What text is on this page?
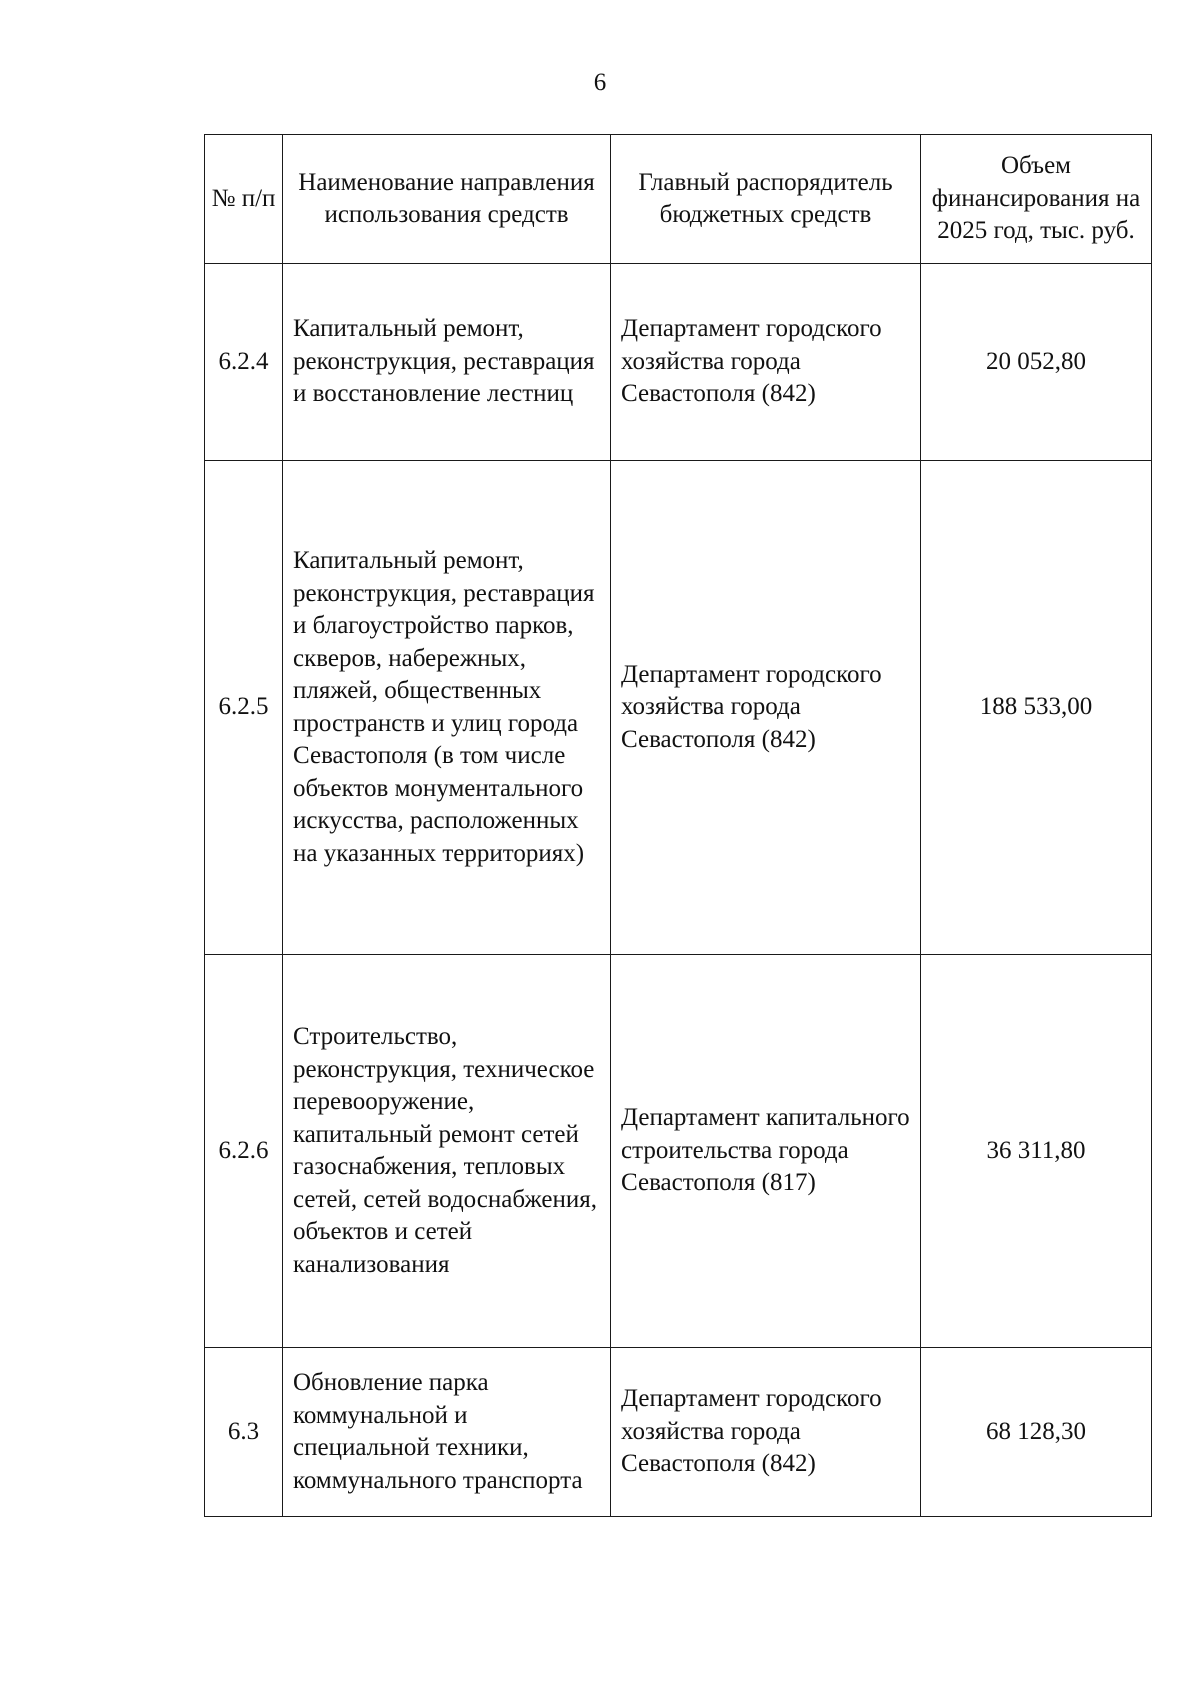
6
№ п/п	Наименование направления использования средств	Главный распорядитель бюджетных средств	Объем финансирования на 2025 год, тыс. руб.
6.2.4	Капитальный ремонт, реконструкция, реставрация и восстановление лестниц	Департамент городского хозяйства города Севастополя (842)	20 052,80
6.2.5	Капитальный ремонт, реконструкция, реставрация и благоустройство парков, скверов, набережных, пляжей, общественных пространств и улиц города Севастополя (в том числе объектов монументального искусства, расположенных на указанных территориях)	Департамент городского хозяйства города Севастополя (842)	188 533,00
6.2.6	Строительство, реконструкция, техническое перевооружение, капитальный ремонт сетей газоснабжения, тепловых сетей, сетей водоснабжения, объектов и сетей канализования	Департамент капитального строительства города Севастополя (817)	36 311,80
6.3	Обновление парка коммунальной и специальной техники, коммунального транспорта	Департамент городского хозяйства города Севастополя (842)	68 128,30
